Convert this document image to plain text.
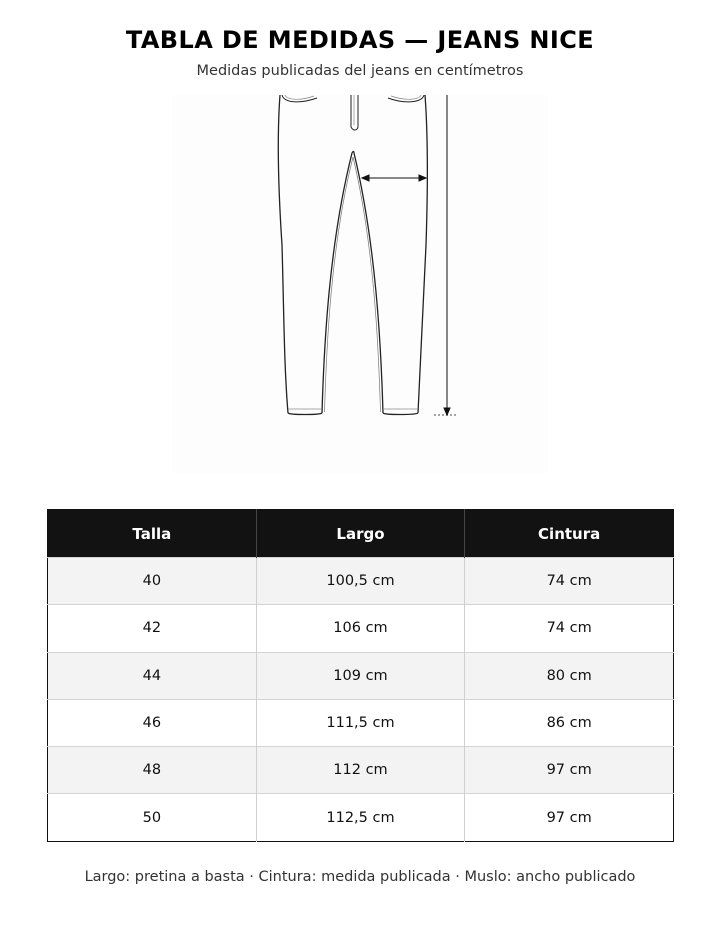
TABLA DE MEDIDAS — JEANS NICE
Medidas publicadas del jeans en centímetros
Talla	Largo	Cintura
40	100,5 cm	74 cm
42	106 cm	74 cm
44	109 cm	80 cm
46	111,5 cm	86 cm
48	112 cm	97 cm
50	112,5 cm	97 cm
Largo: pretina a basta · Cintura: medida publicada · Muslo: ancho publicado
